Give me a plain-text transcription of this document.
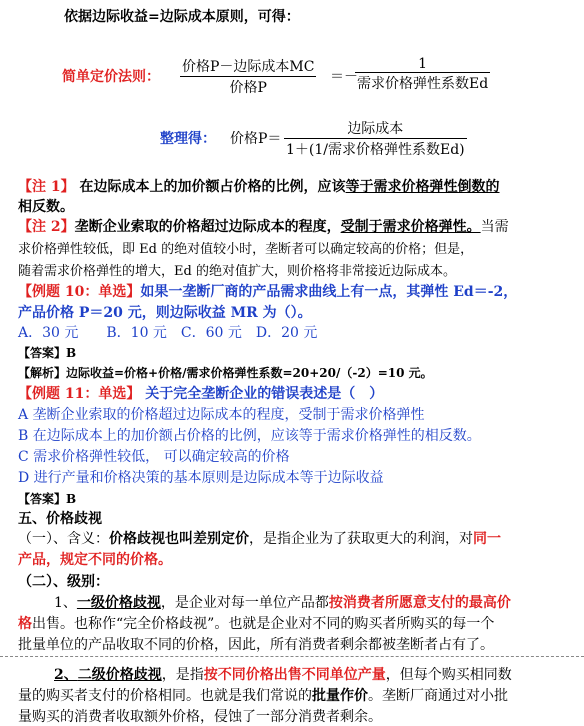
依据边际收益=边际成本原则，可得：
简单定价法则：
价格P－边际成本MC
价格P
＝－
1
需求价格弹性系数Ed
整理得： 价格P＝
边际成本
1＋(1/需求价格弹性系数Ed)
【注 1】 在边际成本上的加价额占价格的比例，应该等于需求价格弹性倒数的
相反数。
【注 2】垄断企业索取的价格超过边际成本的程度，受制于需求价格弹性。当需
求价格弹性较低，即 Ed 的绝对值较小时，垄断者可以确定较高的价格；但是，
随着需求价格弹性的增大，Ed 的绝对值扩大，则价格将非常接近边际成本。
【例题 10：单选】如果一垄断厂商的产品需求曲线上有一点，其弹性 Ed＝-2，
产品价格 P＝20 元，则边际收益 MR 为（）。
A．30 元　　B．10 元　C．60 元　D．20 元
【答案】B
【解析】边际收益=价格+价格/需求价格弹性系数=20+20/（-2）=10 元。
【例题 11：单选】 关于完全垄断企业的错误表述是（　）
A 垄断企业索取的价格超过边际成本的程度，受制于需求价格弹性
B 在边际成本上的加价额占价格的比例，应该等于需求价格弹性的相反数。
C 需求价格弹性较低， 可以确定较高的价格
D 进行产量和价格决策的基本原则是边际成本等于边际收益
【答案】B
五、价格歧视
（一）、含义：价格歧视也叫差别定价，是指企业为了获取更大的利润，对同一
产品，规定不同的价格。
（二）、级别：
1、一级价格歧视，是企业对每一单位产品都按消费者所愿意支付的最高价
格出售。也称作“完全价格歧视”。也就是企业对不同的购买者所购买的每一个
批量单位的产品收取不同的价格，因此，所有消费者剩余都被垄断者占有了。
2、二级价格歧视，是指按不同价格出售不同单位产量，但每个购买相同数
量的购买者支付的价格相同。也就是我们常说的批量作价。垄断厂商通过对小批
量购买的消费者收取额外价格，侵蚀了一部分消费者剩余。
